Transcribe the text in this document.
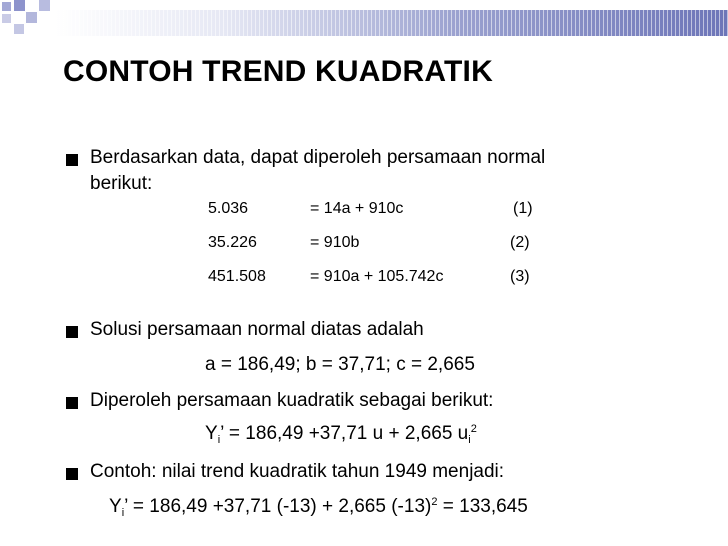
CONTOH TREND KUADRATIK
Berdasarkan data, dapat diperoleh persamaan normal
berikut:
5.036	= 14a + 910c	(1)
35.226	= 910b	(2)
451.508	= 910a + 105.742c	(3)
Solusi persamaan normal diatas adalah
a = 186,49; b = 37,71; c = 2,665
Diperoleh persamaan kuadratik sebagai berikut:
$Y_i$’ = 186,49 +37,71 u + 2,665 $u_i^2$
Contoh: nilai trend kuadratik tahun 1949 menjadi:
$Y_i$’ = 186,49 +37,71 (-13) + 2,665 $(-13)^2 = 133,645$
